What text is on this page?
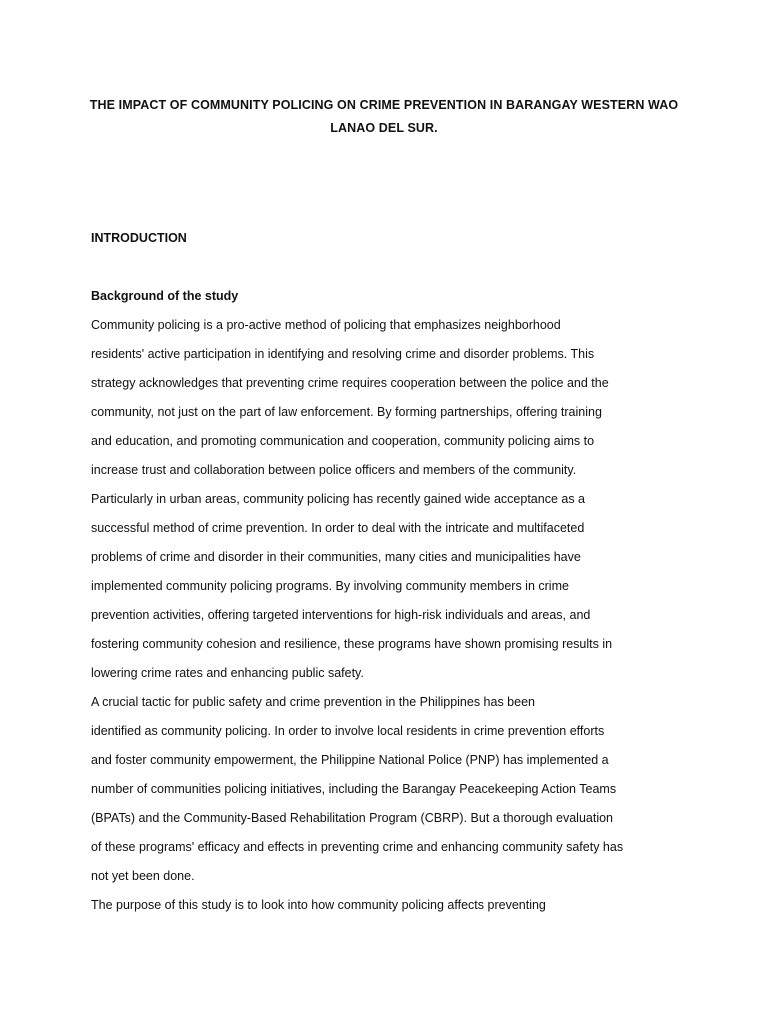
THE IMPACT OF COMMUNITY POLICING ON CRIME PREVENTION IN BARANGAY WESTERN WAO
LANAO DEL SUR.
INTRODUCTION
Background of the study
Community policing is a pro-active method of policing that emphasizes neighborhood
residents' active participation in identifying and resolving crime and disorder problems. This
strategy acknowledges that preventing crime requires cooperation between the police and the
community, not just on the part of law enforcement. By forming partnerships, offering training
and education, and promoting communication and cooperation, community policing aims to
increase trust and collaboration between police officers and members of the community.
Particularly in urban areas, community policing has recently gained wide acceptance as a
successful method of crime prevention. In order to deal with the intricate and multifaceted
problems of crime and disorder in their communities, many cities and municipalities have
implemented community policing programs. By involving community members in crime
prevention activities, offering targeted interventions for high-risk individuals and areas, and
fostering community cohesion and resilience, these programs have shown promising results in
lowering crime rates and enhancing public safety.
A crucial tactic for public safety and crime prevention in the Philippines has been
identified as community policing. In order to involve local residents in crime prevention efforts
and foster community empowerment, the Philippine National Police (PNP) has implemented a
number of communities policing initiatives, including the Barangay Peacekeeping Action Teams
(BPATs) and the Community-Based Rehabilitation Program (CBRP). But a thorough evaluation
of these programs' efficacy and effects in preventing crime and enhancing community safety has
not yet been done.
The purpose of this study is to look into how community policing affects preventing
